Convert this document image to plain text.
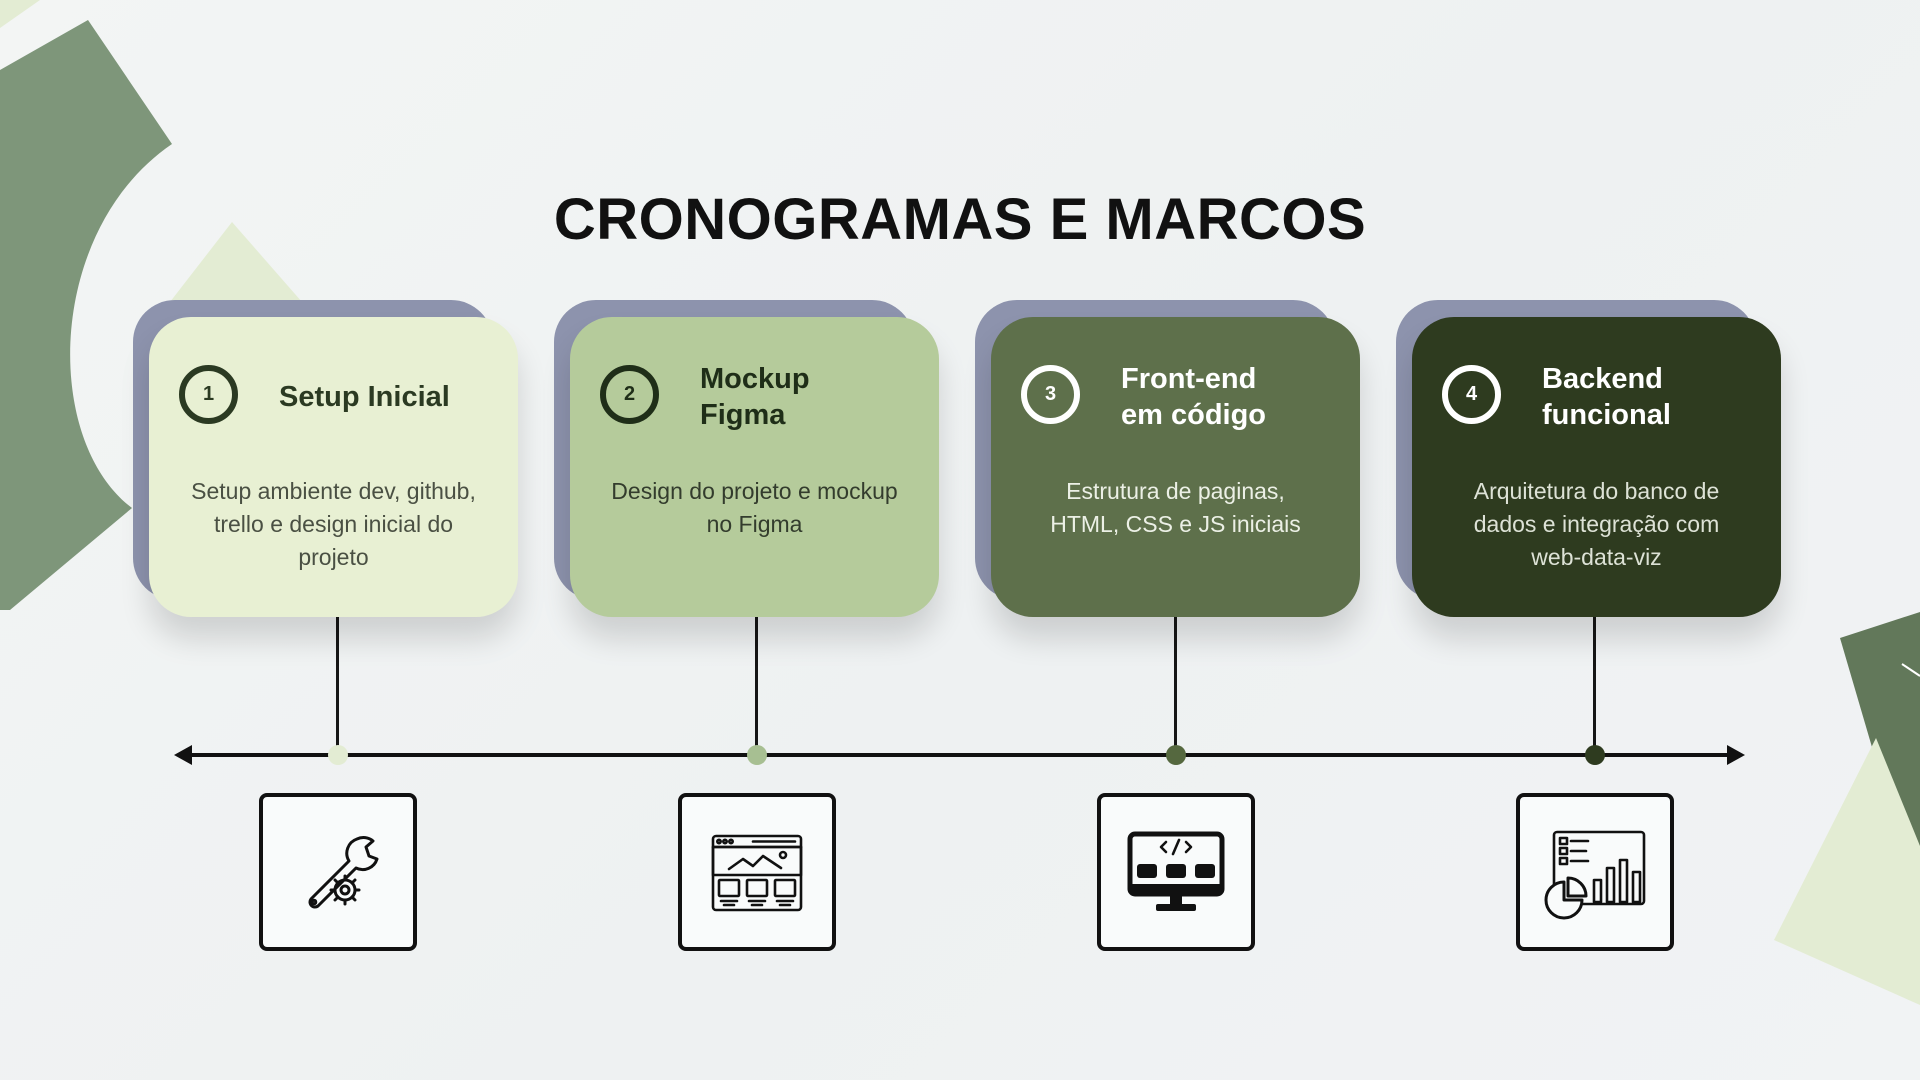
CRONOGRAMAS E MARCOS
1	Setup Inicial
Setup ambiente dev, github, trello e design inicial do projeto
2	Mockup
Figma
Design do projeto e mockup no Figma
3	Front-end
em código
Estrutura de paginas, HTML, CSS e JS iniciais
4	Backend
funcional
Arquitetura do banco de dados e integração com web-data-viz
